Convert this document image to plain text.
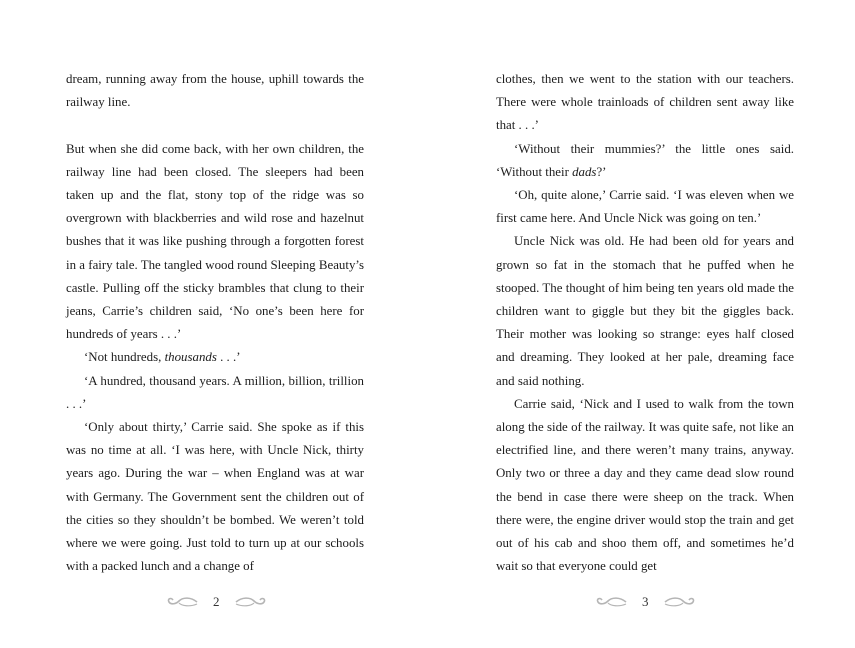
dream, running away from the house, uphill towards the railway line.

But when she did come back, with her own children, the railway line had been closed. The sleepers had been taken up and the flat, stony top of the ridge was so overgrown with blackberries and wild rose and hazelnut bushes that it was like pushing through a forgotten forest in a fairy tale. The tangled wood round Sleeping Beauty’s castle. Pulling off the sticky brambles that clung to their jeans, Carrie’s children said, ‘No one’s been here for hundreds of years . . .’

‘Not hundreds, thousands . . .’

‘A hundred, thousand years. A million, billion, trillion . . .’

‘Only about thirty,’ Carrie said. She spoke as if this was no time at all. ‘I was here, with Uncle Nick, thirty years ago. During the war – when England was at war with Germany. The Government sent the children out of the cities so they shouldn’t be bombed. We weren’t told where we were going. Just told to turn up at our schools with a packed lunch and a change of

clothes, then we went to the station with our teachers. There were whole trainloads of children sent away like that . . .’

‘Without their mummies?’ the little ones said. ‘Without their dads?’

‘Oh, quite alone,’ Carrie said. ‘I was eleven when we first came here. And Uncle Nick was going on ten.’

Uncle Nick was old. He had been old for years and grown so fat in the stomach that he puffed when he stooped. The thought of him being ten years old made the children want to giggle but they bit the giggles back. Their mother was looking so strange: eyes half closed and dreaming. They looked at her pale, dreaming face and said nothing.

Carrie said, ‘Nick and I used to walk from the town along the side of the railway. It was quite safe, not like an electrified line, and there weren’t many trains, anyway. Only two or three a day and they came dead slow round the bend in case there were sheep on the track. When there were, the engine driver would stop the train and get out of his cab and shoo them off, and sometimes he’d wait so that everyone could get

2	3
